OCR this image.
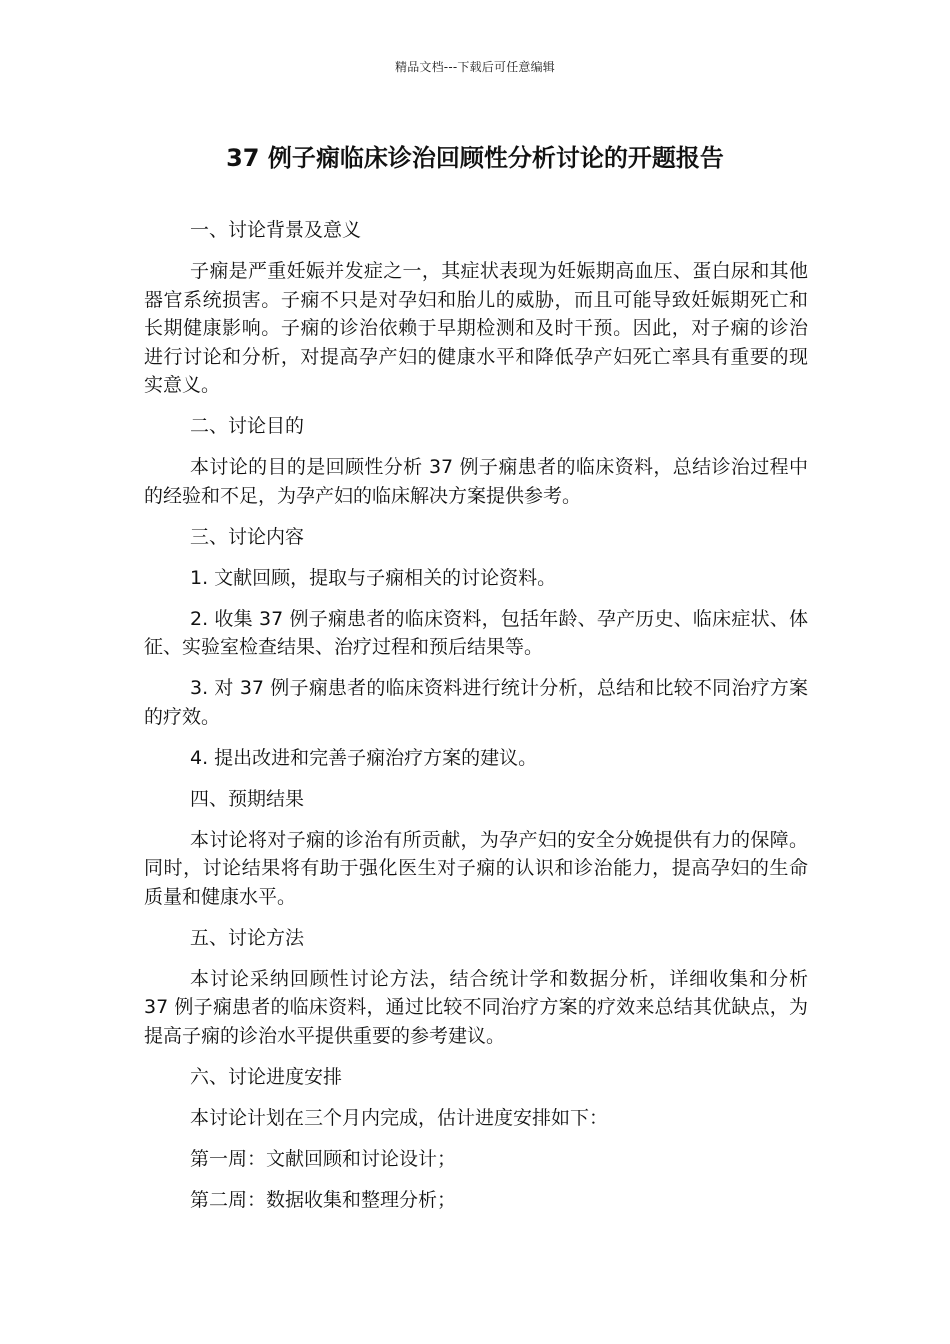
精品文档---下载后可任意编辑
37 例子痫临床诊治回顾性分析讨论的开题报告

一、讨论背景及意义

子痫是严重妊娠并发症之一，其症状表现为妊娠期高血压、蛋白尿和其他器官系统损害。子痫不只是对孕妇和胎儿的威胁，而且可能导致妊娠期死亡和长期健康影响。子痫的诊治依赖于早期检测和及时干预。因此，对子痫的诊治进行讨论和分析，对提高孕产妇的健康水平和降低孕产妇死亡率具有重要的现实意义。

二、讨论目的

本讨论的目的是回顾性分析 37 例子痫患者的临床资料，总结诊治过程中的经验和不足，为孕产妇的临床解决方案提供参考。

三、讨论内容

1. 文献回顾，提取与子痫相关的讨论资料。

2. 收集 37 例子痫患者的临床资料，包括年龄、孕产历史、临床症状、体征、实验室检查结果、治疗过程和预后结果等。

3. 对 37 例子痫患者的临床资料进行统计分析，总结和比较不同治疗方案的疗效。

4. 提出改进和完善子痫治疗方案的建议。

四、预期结果

本讨论将对子痫的诊治有所贡献，为孕产妇的安全分娩提供有力的保障。同时，讨论结果将有助于强化医生对子痫的认识和诊治能力，提高孕妇的生命质量和健康水平。

五、讨论方法

本讨论采纳回顾性讨论方法，结合统计学和数据分析，详细收集和分析 37 例子痫患者的临床资料，通过比较不同治疗方案的疗效来总结其优缺点，为提高子痫的诊治水平提供重要的参考建议。

六、讨论进度安排

本讨论计划在三个月内完成，估计进度安排如下：

第一周：文献回顾和讨论设计；

第二周：数据收集和整理分析；
